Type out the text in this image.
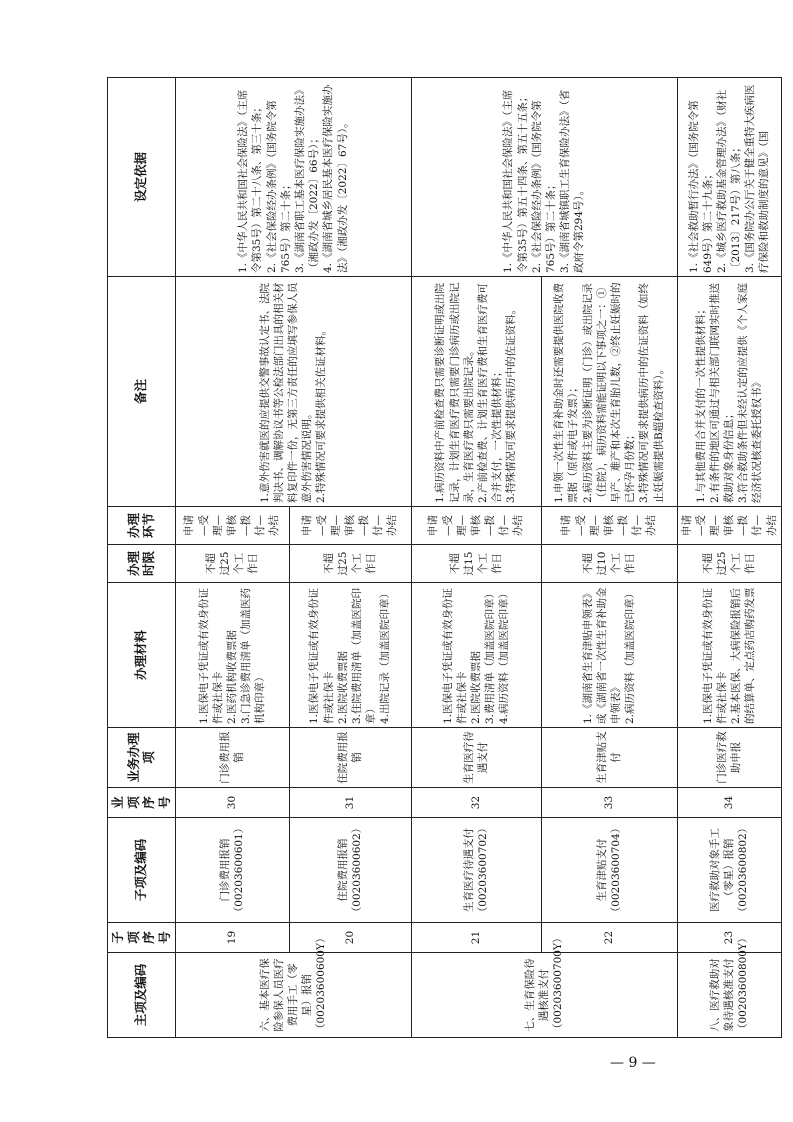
主项及编码	子项序号	子项及编码	业项序号	业务办理项	办理材料	办理时限	办理环节	备注	设定依据
六、基本医疗保险参保人员医疗费用手工（零星）报销（00203600600Y）	19	门诊费用报销（00203600601）	30	门诊费用报销	1.医保电子凭证或有效身份证件或社保卡 2.医药机构收费票据 3.门急诊费用清单（加盖医药机构印章）	不超过25个工作日	申请—受理—审核—拨付—办结	1.意外伤害就医的应提供交警事故认定书、法院判决书、调解协议书等公检法部门出具的相关材料复印件一份，无第三方责任的应填写参保人员意外伤害情况说明。 2.特殊情况可要求提供相关佐证材料。	1.《中华人民共和国社会保险法》（主席令第35号）第二十八条、第三十条； 2.《社会保险经办条例》（国务院令第765号）第二十条； 3.《湖南省职工基本医疗保险实施办法》（湘政办发〔2022〕66号）； 4.《湖南省城乡居民基本医疗保险实施办法》（湘政办发〔2022〕67号）。

	20	住院费用报销（00203600602）	31	住院费用报销	1.医保电子凭证或有效身份证件或社保卡 2.医院收费票据 3.住院费用清单（加盖医院印章） 4.出院记录（加盖医院印章）	不超过25个工作日	申请—受理—审核—拨付—办结		
七、生育保险待遇核准支付（00203600700Y）	21	生育医疗待遇支付（00203600702）	32	生育医疗待遇支付	1.医保电子凭证或有效身份证件或社保卡 2.医院收费票据 3.费用清单（加盖医院印章） 4.病历资料（加盖医院印章）	不超过15个工作日	申请—受理—审核—拨付—办结	1.病历资料中产前检查费只需要诊断证明或出院记录，计划生育医疗费只需要门诊病历或出院记录，生育医疗费只需要出院记录。 2.产前检查费、计划生育医疗费和生育医疗费可合并支付，一次性提供材料； 3.特殊情况可要求提供病历中的佐证资料。	1.《中华人民共和国社会保险法》（主席令第35号）第五十四条、第五十五条； 2.《社会保险经办条例》（国务院令第765号）第二十条； 3.《湖南省城镇职工生育保险办法》（省政府令第294号）。

	22	生育津贴支付（00203600704）	33	生育津贴支付	1.《湖南省生育津贴申领表》或《湖南省一次性生育补助金申领表》 2.病历资料（加盖医院印章）	不超过10个工作日	申请—受理—审核—拨付—办结	1.申领一次性生育补助金时还需要提供医院收费票据（原件或电子发票）； 2.病历资料主要为诊断证明（门诊）或出院记录（住院），病历资料需能证明以下事项之一：①早产、难产和本次生育胎儿数，②终止妊娠时的已怀孕月份数； 3.特殊情况可要求提供病历中的佐证资料（如终止妊娠需提供B超检查资料）。	

八、医疗救助对象待遇核准支付（00203600800Y）	23	医疗救助对象手工（零星）报销（00203600802）	34	门诊医疗救助申报	1.医保电子凭证或有效身份证件或社保卡 2.基本医保、大病保险报销后的结算单、定点药店购药发票	不超过25个工作日	申请—受理—审核—拨付—办结	1.与其他费用合并支付的一次性提供材料； 2.有条件的地区可通过与相关部门联网实时推送救助对象身份信息； 3.符合救助条件但未经认定的应提供《个人家庭经济状况核查委托授权书》	1.《社会救助暂行办法》（国务院令第649号）第二十九条； 2.《城乡医疗救助基金管理办法》（财社〔2013〕217号）第八条； 3.《国务院办公厅关于健全重特大疾病医疗保险和救助制度的意见》（国
— 9 —
